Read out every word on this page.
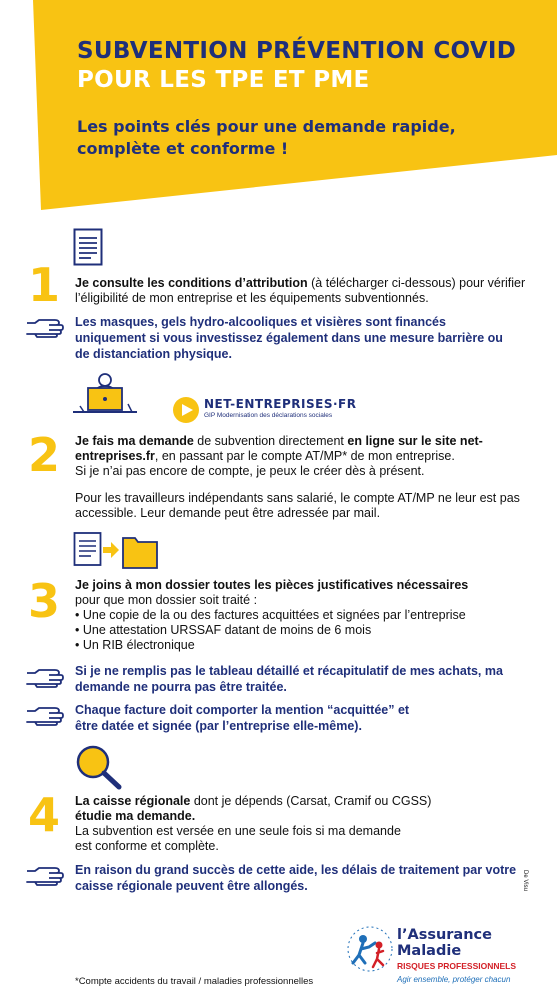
SUBVENTION PRÉVENTION COVID
POUR LES TPE ET PME

Les points clés pour une demande rapide, complète et conforme !

1 Je consulte les conditions d’attribution (à télécharger ci-dessous) pour vérifier l’éligibilité de mon entreprise et les équipements subventionnés.

Les masques, gels hydro-alcooliques et visières sont financés uniquement si vous investissez également dans une mesure barrière ou de distanciation physique.
NET-ENTREPRISES·FR
GIP Modernisation des déclarations sociales
2 Je fais ma demande de subvention directement en ligne sur le site net-entreprises.fr, en passant par le compte AT/MP* de mon entreprise.

Si je n’ai pas encore de compte, je peux le créer dès à présent.

Pour les travailleurs indépendants sans salarié, le compte AT/MP ne leur est pas accessible. Leur demande peut être adressée par mail.

3 Je joins à mon dossier toutes les pièces justificatives nécessaires

pour que mon dossier soit traité :

• Une copie de la ou des factures acquittées et signées par l’entreprise

• Une attestation URSSAF datant de moins de 6 mois

• Un RIB électronique

Si je ne remplis pas le tableau détaillé et récapitulatif de mes achats, ma demande ne pourra pas être traitée.
Chaque facture doit comporter la mention “acquittée” et être datée et signée (par l’entreprise elle-même).
4 La caisse régionale dont je dépends (Carsat, Cramif ou CGSS)

étudie ma demande.

La subvention est versée en une seule fois si ma demande

est conforme et complète.

En raison du grand succès de cette aide, les délais de traitement par votre caisse régionale peuvent être allongés.	De Visu
l’Assurance
Maladie
RISQUES PROFESSIONNELS
Agir ensemble, protéger chacun
*Compte accidents du travail / maladies professionnelles
